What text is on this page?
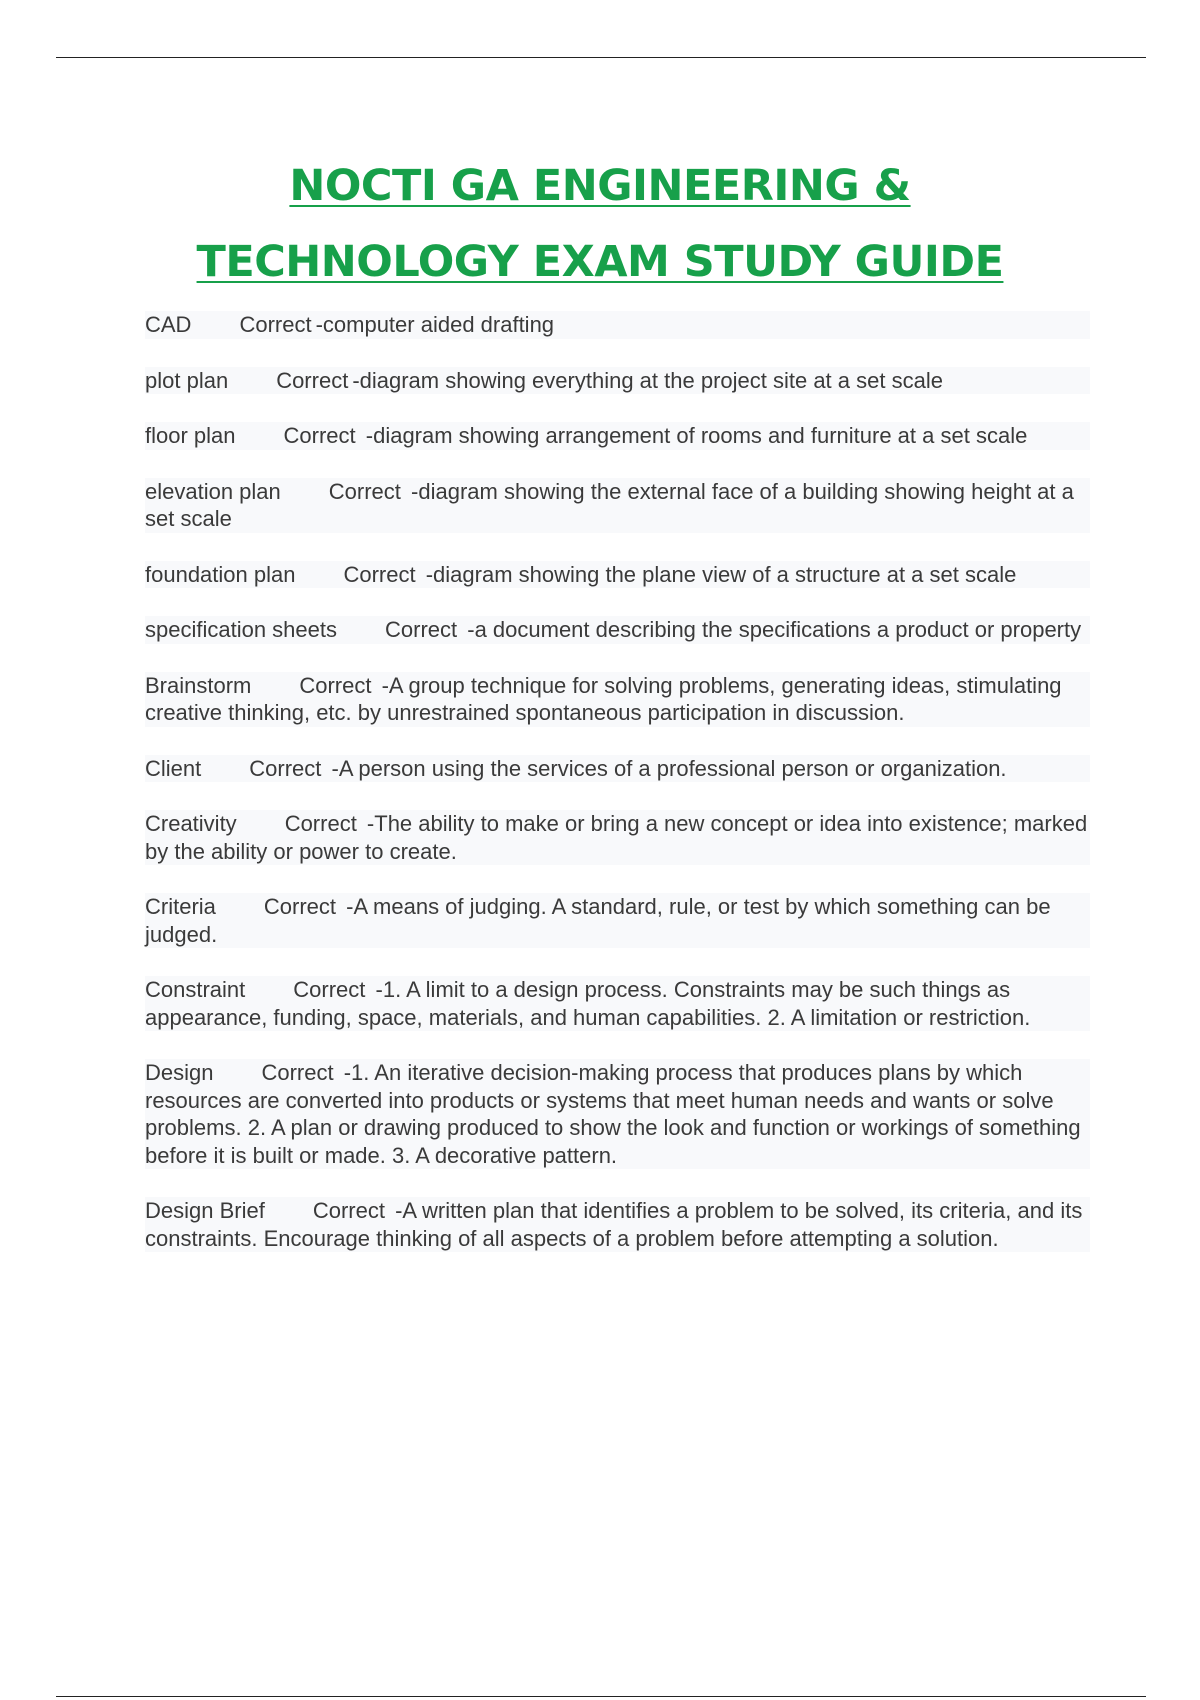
NOCTI GA ENGINEERING &
TECHNOLOGY EXAM STUDY GUIDE

CAD Correct -computer aided drafting

plot plan Correct -diagram showing everything at the project site at a set scale

floor plan Correct -diagram showing arrangement of rooms and furniture at a set scale

elevation plan Correct -diagram showing the external face of a building showing height at a set scale

foundation plan Correct -diagram showing the plane view of a structure at a set scale

specification sheets Correct -a document describing the specifications a product or property

Brainstorm Correct -A group technique for solving problems, generating ideas, stimulating creative thinking, etc. by unrestrained spontaneous participation in discussion.

Client Correct -A person using the services of a professional person or organization.

Creativity Correct -The ability to make or bring a new concept or idea into existence; marked by the ability or power to create.

Criteria Correct -A means of judging. A standard, rule, or test by which something can be judged.

Constraint Correct -1. A limit to a design process. Constraints may be such things as appearance, funding, space, materials, and human capabilities. 2. A limitation or restriction.

Design Correct -1. An iterative decision-making process that produces plans by which resources are converted into products or systems that meet human needs and wants or solve problems. 2. A plan or drawing produced to show the look and function or workings of something before it is built or made. 3. A decorative pattern.

Design Brief Correct -A written plan that identifies a problem to be solved, its criteria, and its constraints. Encourage thinking of all aspects of a problem before attempting a solution.
